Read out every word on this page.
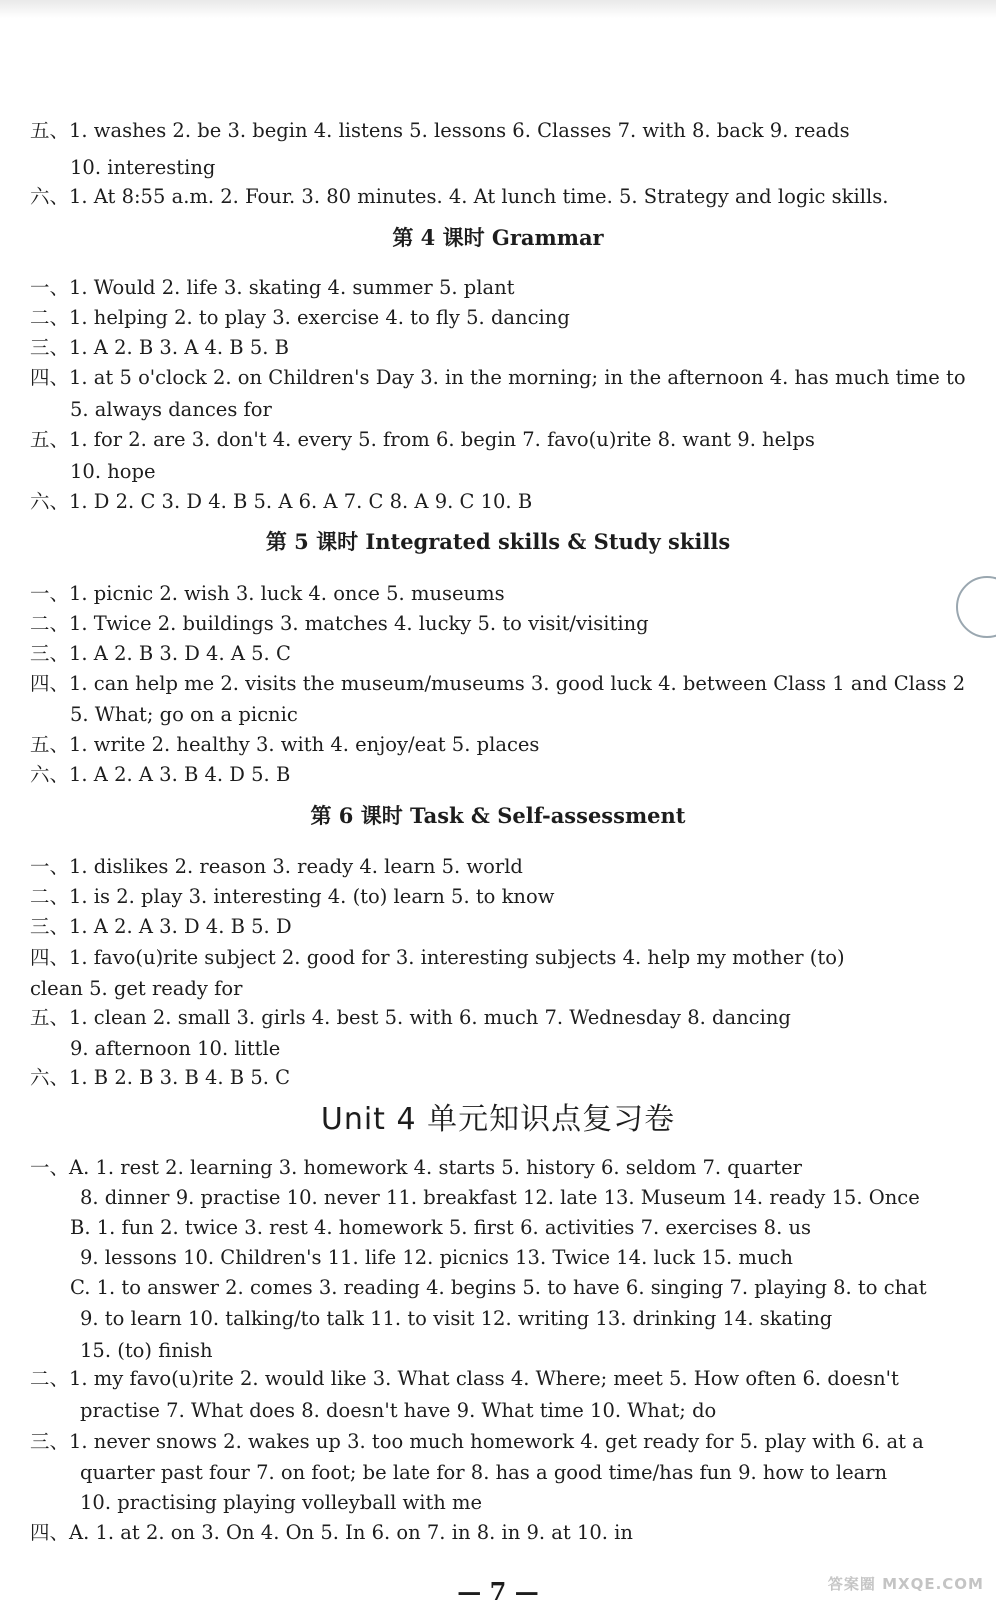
五、1. washes 2. be 3. begin 4. listens 5. lessons 6. Classes 7. with 8. back 9. reads
10. interesting
六、1. At 8:55 a.m. 2. Four. 3. 80 minutes. 4. At lunch time. 5. Strategy and logic skills.
第 4 课时 Grammar
一、1. Would 2. life 3. skating 4. summer 5. plant
二、1. helping 2. to play 3. exercise 4. to fly 5. dancing
三、1. A 2. B 3. A 4. B 5. B
四、1. at 5 o'clock 2. on Children's Day 3. in the morning; in the afternoon 4. has much time to
5. always dances for
五、1. for 2. are 3. don't 4. every 5. from 6. begin 7. favo(u)rite 8. want 9. helps
10. hope
六、1. D 2. C 3. D 4. B 5. A 6. A 7. C 8. A 9. C 10. B
第 5 课时 Integrated skills & Study skills
一、1. picnic 2. wish 3. luck 4. once 5. museums
二、1. Twice 2. buildings 3. matches 4. lucky 5. to visit/visiting
三、1. A 2. B 3. D 4. A 5. C
四、1. can help me 2. visits the museum/museums 3. good luck 4. between Class 1 and Class 2
5. What; go on a picnic
五、1. write 2. healthy 3. with 4. enjoy/eat 5. places
六、1. A 2. A 3. B 4. D 5. B
第 6 课时 Task & Self-assessment
一、1. dislikes 2. reason 3. ready 4. learn 5. world
二、1. is 2. play 3. interesting 4. (to) learn 5. to know
三、1. A 2. A 3. D 4. B 5. D
四、1. favo(u)rite subject 2. good for 3. interesting subjects 4. help my mother (to)
clean 5. get ready for
五、1. clean 2. small 3. girls 4. best 5. with 6. much 7. Wednesday 8. dancing
9. afternoon 10. little
六、1. B 2. B 3. B 4. B 5. C
Unit 4 单元知识点复习卷
一、A. 1. rest 2. learning 3. homework 4. starts 5. history 6. seldom 7. quarter
8. dinner 9. practise 10. never 11. breakfast 12. late 13. Museum 14. ready 15. Once
B. 1. fun 2. twice 3. rest 4. homework 5. first 6. activities 7. exercises 8. us
9. lessons 10. Children's 11. life 12. picnics 13. Twice 14. luck 15. much
C. 1. to answer 2. comes 3. reading 4. begins 5. to have 6. singing 7. playing 8. to chat
9. to learn 10. talking/to talk 11. to visit 12. writing 13. drinking 14. skating
15. (to) finish
二、1. my favo(u)rite 2. would like 3. What class 4. Where; meet 5. How often 6. doesn't
practise 7. What does 8. doesn't have 9. What time 10. What; do
三、1. never snows 2. wakes up 3. too much homework 4. get ready for 5. play with 6. at a
quarter past four 7. on foot; be late for 8. has a good time/has fun 9. how to learn
10. practising playing volleyball with me
四、A. 1. at 2. on 3. On 4. On 5. In 6. on 7. in 8. in 9. at 10. in
— 7 —	答案圈 MXQE.COM
